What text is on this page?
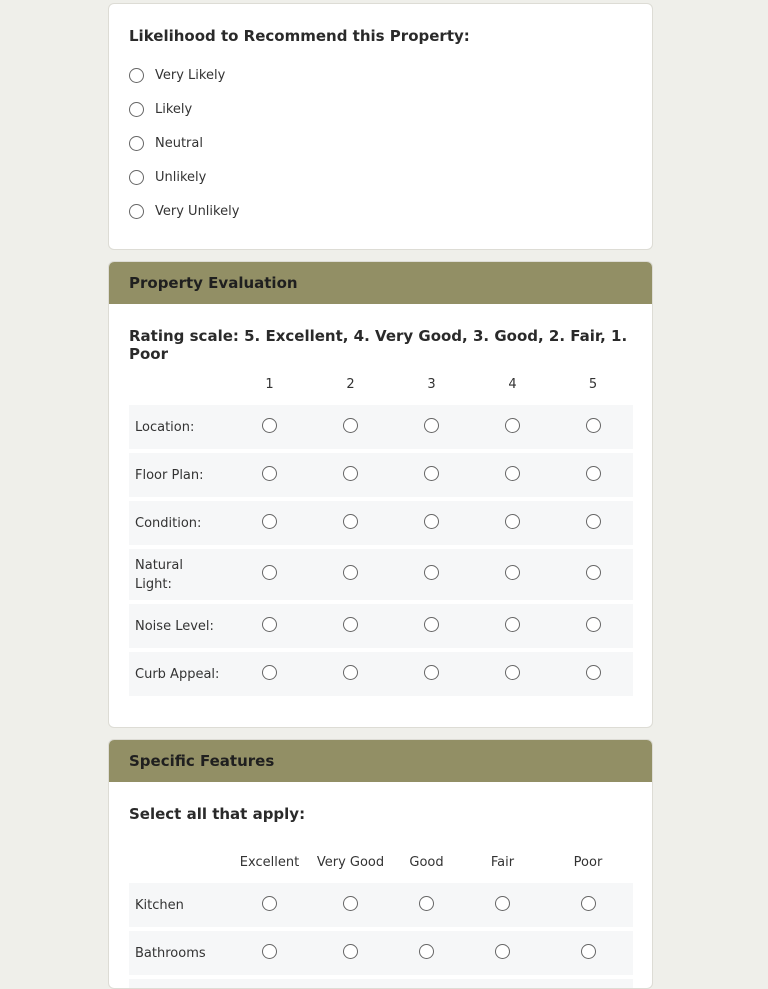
Likelihood to Recommend this Property:
Very Likely
Likely
Neutral
Unlikely
Very Unlikely
Property Evaluation
Rating scale: 5. Excellent, 4. Very Good, 3. Good, 2. Fair, 1. Poor
	1	2	3	4	5
Location:					
Floor Plan:					
Condition:					
Natural Light:					
Noise Level:					
Curb Appeal:					
Specific Features
Select all that apply:
	Excellent	Very Good	Good	Fair	Poor
Kitchen					
Bathrooms					
